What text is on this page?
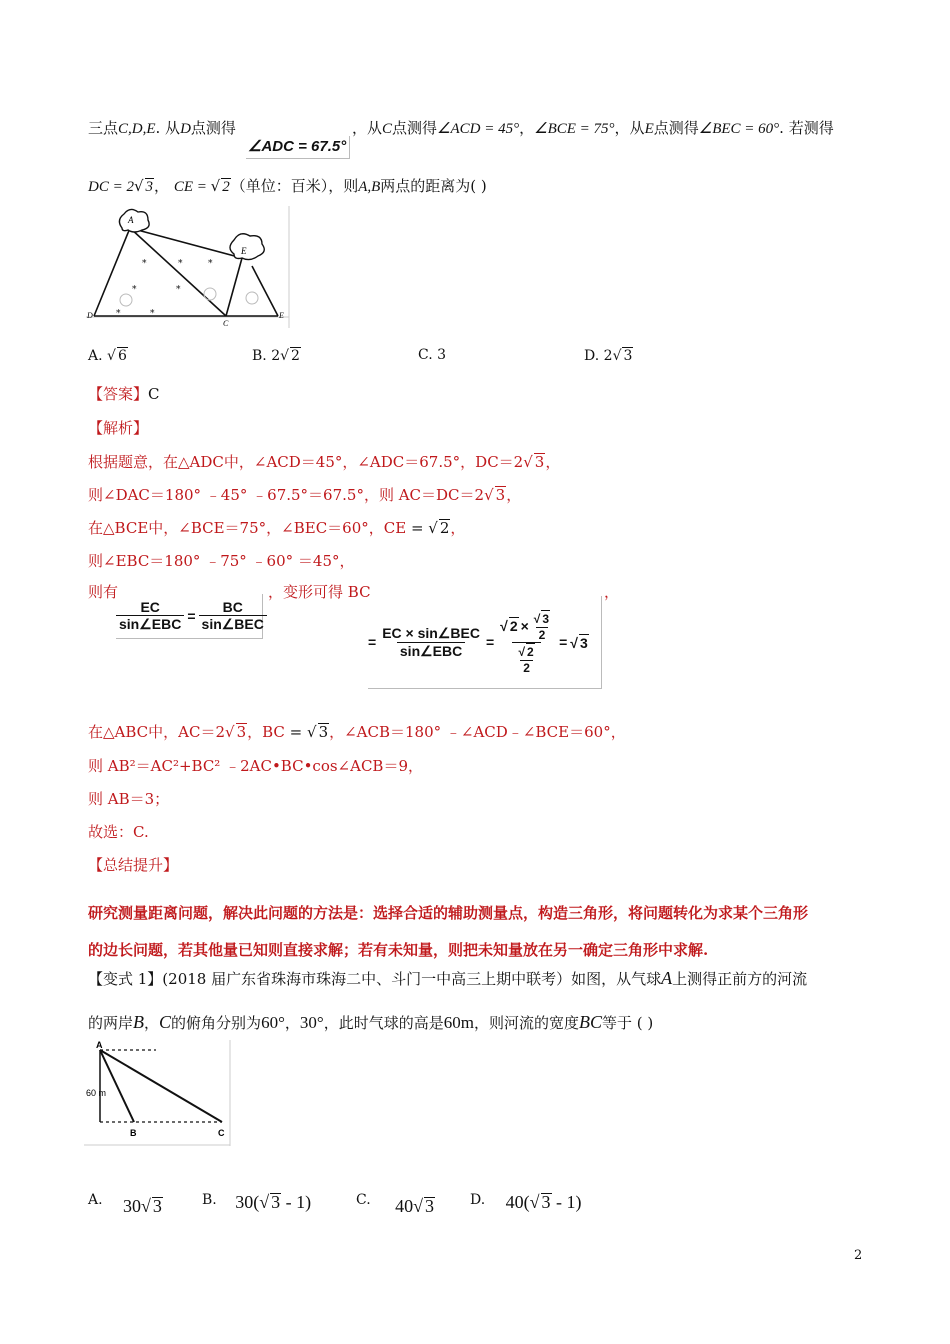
三点C,D,E. 从D点测得
∠ADC = 67.5°
，从C点测得∠ACD = 45°，∠BCE = 75°，从E点测得∠BEC = 60°. 若测得
DC = 2√ 3， CE = √ 2（单位：百米），则A,B两点的距离为( )
A
E
D
C
E
*	*	*
*	*
*	*
A. √ 6	B. 2√ 2	C. 3	D. 2√ 3
【答案】C
【解析】
根据题意，在△ADC中，∠ACD＝45°，∠ADC＝67.5°，DC＝2√ 3，
则∠DAC＝180° ﹣45° ﹣67.5°＝67.5°，则 AC＝DC＝2√ 3，
在△BCE中，∠BCE＝75°，∠BEC＝60°，CE = √ 2，
则∠EBC＝180° ﹣75° ﹣60° ＝45°，
则有	，变形可得 BC	，
$\frac{EC}{\text{sin∠EBC}} = \frac{BC}{\text{sin∠BEC}}$
= $\frac{\text{EC × sin∠BEC}}{\text{sin∠EBC}} = \frac{√ 2 \times \frac{√ 3}{2}}{\frac{√ 2}{2}}$ = √ 3
在△ABC中，AC＝2√ 3，BC = √ 3，∠ACB＝180° ﹣∠ACD﹣∠BCE＝60°，
则 AB²＝AC²+BC² ﹣2AC•BC•cos∠ACB＝9，
则 AB＝3；
故选：C.
【总结提升】
研究测量距离问题，解决此问题的方法是：选择合适的辅助测量点，构造三角形，将问题转化为求某个三角形
的边长问题，若其他量已知则直接求解；若有未知量，则把未知量放在另一确定三角形中求解.
【变式 1】(2018 届广东省珠海市珠海二中、斗门一中高三上期中联考）如图，从气球A上测得正前方的河流
的两岸B，C的俯角分别为60°，30°，此时气球的高是60m，则河流的宽度BC等于 ( )
A
60 m
B	C
A. 30√ 3	B. 30(√ 3 - 1)	C. 40√ 3	D. 40(√ 3 - 1)
2
